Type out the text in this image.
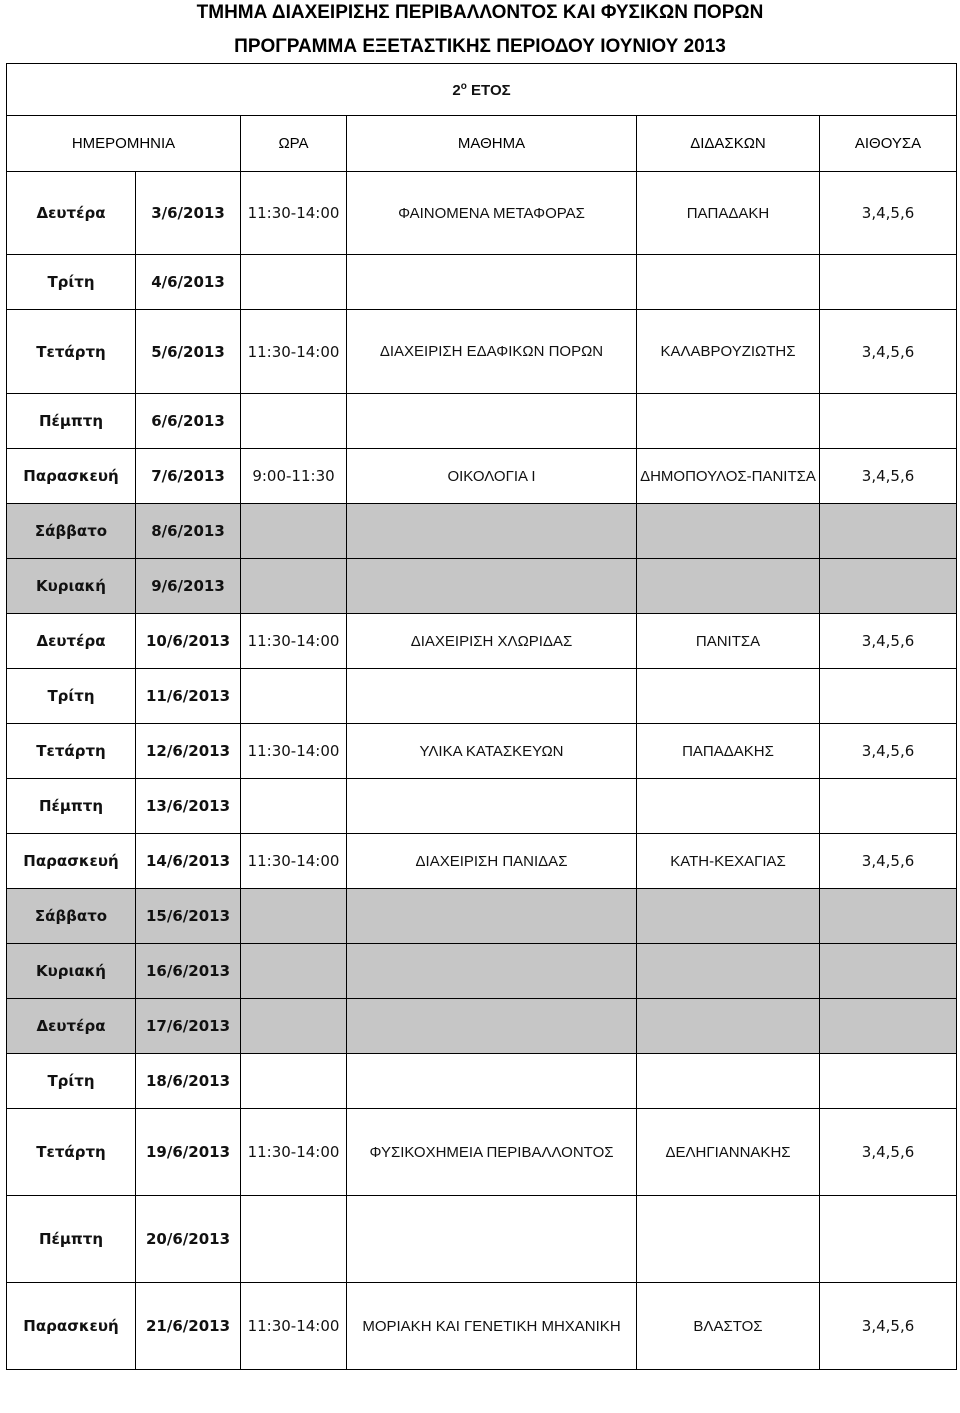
ΤΜΗΜΑ ΔΙΑΧΕΙΡΙΣΗΣ ΠΕΡΙΒΑΛΛΟΝΤΟΣ ΚΑΙ ΦΥΣΙΚΩΝ ΠΟΡΩΝ
ΠΡΟΓΡΑΜΜΑ ΕΞΕΤΑΣΤΙΚΗΣ ΠΕΡΙΟΔΟΥ ΙΟΥΝΙΟΥ 2013
$2^o$ ΕΤΟΣ					
ΗΜΕΡΟΜΗΝΙΑ		ΩΡΑ	ΜΑΘΗΜΑ	ΔΙΔΑΣΚΩΝ	ΑΙΘΟΥΣΑ
Δευτέρα	3/6/2013	11:30-14:00	ΦΑΙΝΟΜΕΝΑ ΜΕΤΑΦΟΡΑΣ	ΠΑΠΑΔΑΚΗ	3,4,5,6
Τρίτη	4/6/2013				
Τετάρτη	5/6/2013	11:30-14:00	ΔΙΑΧΕΙΡΙΣΗ ΕΔΑΦΙΚΩΝ ΠΟΡΩΝ	ΚΑΛΑΒΡΟΥΖΙΩΤΗΣ	3,4,5,6
Πέμπτη	6/6/2013				
Παρασκευή	7/6/2013	9:00-11:30	ΟΙΚΟΛΟΓΙΑ Ι	ΔΗΜΟΠΟΥΛΟΣ-ΠΑΝΙΤΣΑ	3,4,5,6
Σάββατο	8/6/2013				
Κυριακή	9/6/2013				
Δευτέρα	10/6/2013	11:30-14:00	ΔΙΑΧΕΙΡΙΣΗ ΧΛΩΡΙΔΑΣ	ΠΑΝΙΤΣΑ	3,4,5,6
Τρίτη	11/6/2013				
Τετάρτη	12/6/2013	11:30-14:00	ΥΛΙΚΑ ΚΑΤΑΣΚΕΥΩΝ	ΠΑΠΑΔΑΚΗΣ	3,4,5,6
Πέμπτη	13/6/2013				
Παρασκευή	14/6/2013	11:30-14:00	ΔΙΑΧΕΙΡΙΣΗ ΠΑΝΙΔΑΣ	ΚΑΤΗ-ΚΕΧΑΓΙΑΣ	3,4,5,6
Σάββατο	15/6/2013				
Κυριακή	16/6/2013				
Δευτέρα	17/6/2013				
Τρίτη	18/6/2013				
Τετάρτη	19/6/2013	11:30-14:00	ΦΥΣΙΚΟΧΗΜΕΙΑ ΠΕΡΙΒΑΛΛΟΝΤΟΣ	ΔΕΛΗΓΙΑΝΝΑΚΗΣ	3,4,5,6
Πέμπτη	20/6/2013				
Παρασκευή	21/6/2013	11:30-14:00	ΜΟΡΙΑΚΗ ΚΑΙ ΓΕΝΕΤΙΚΗ ΜΗΧΑΝΙΚΗ	ΒΛΑΣΤΟΣ	3,4,5,6
